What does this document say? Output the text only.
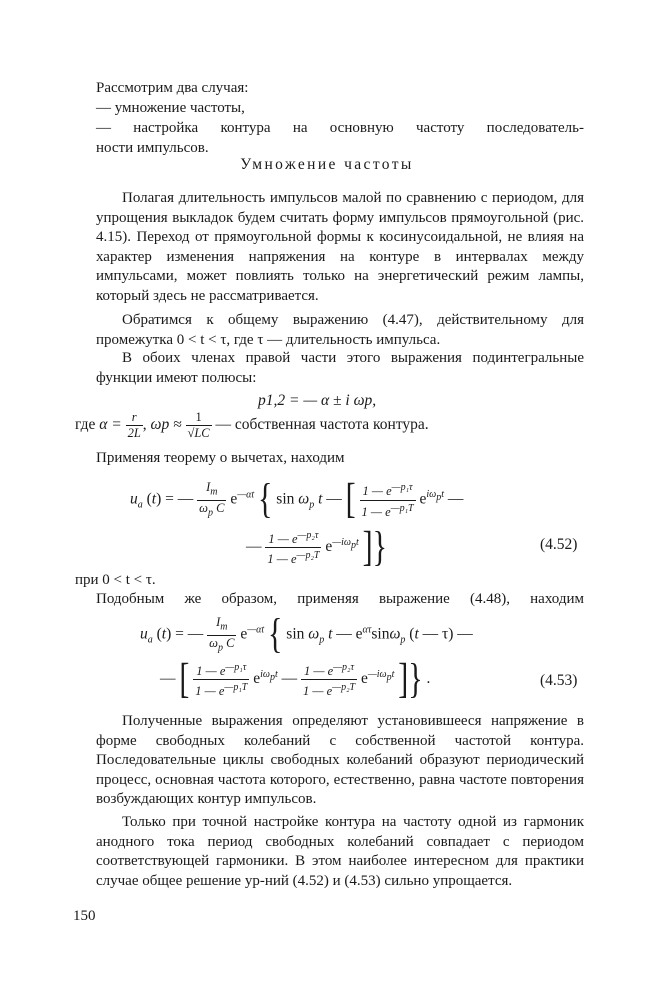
Рассмотрим два случая:
— умножение частоты,
— настройка контура на основную частоту последователь-
ности импульсов.
Умножение частоты

Полагая длительность импульсов малой по сравнению с периодом, для упрощения выкладок будем считать форму импульсов прямоугольной (рис. 4.15). Переход от прямоугольной формы к косинусоидальной, не влияя на характер изменения напряжения на контуре в интервалах между импульсами, может повлиять только на энергетический режим лампы, который здесь не рассматривается.

Обратимся к общему выражению (4.47), действительному для промежутка 0 < t < τ, где τ — длительность импульса.

В обоих членах правой части этого выражения подинтегральные функции имеют полюсы:

p1,2 = — α ± i ωp,
где $\alpha = \frac{r}{2L}$ , $\omega p \approx \frac{1}{√LC}$ — собственная частота контура.
Применяя теорему о вычетах, находим
$u_a$ (t) = — $\frac{I_m}{\omega_p C} e^{—\alpha t}$ { $\sin \omega_p$ t — [ $\frac{1 — e^{—p_1\tau}}{1 — e^{—p_1T}} e^{i\omega_pt}$ —
— $\frac{1 — e^{—p_2\tau}}{1 — e^{—p_2T}} e^{—i\omega_pt}$ ]}	(4.52)
при 0 < t < τ.
Подобным же образом, применяя выражение (4.48), находим
$u_a$ (t) = — $\frac{I_m}{\omega_p C} e^{—\alpha t}$ { $\sin \omega_p$ t — $e^{\alpha\tau}\sin\omega_p$ (t — τ) —
— [ $\frac{1 — e^{—p_1\tau}}{1 — e^{—p_1T}} e^{i\omega_pt}$ — $\frac{1 — e^{—p_2\tau}}{1 — e^{—p_2T}} e^{—i\omega_pt}$ ]} .	(4.53)

Полученные выражения определяют установившееся напряжение в форме свободных колебаний с собственной частотой контура. Последовательные циклы свободных колебаний образуют периодический процесс, основная частота которого, естественно, равна частоте повторения возбуждающих контур импульсов.

Только при точной настройке контура на частоту одной из гармоник анодного тока период свободных колебаний совпадает с периодом соответствующей гармоники. В этом наиболее интересном для практики случае общее решение ур-ний (4.52) и (4.53) сильно упрощается.

150
